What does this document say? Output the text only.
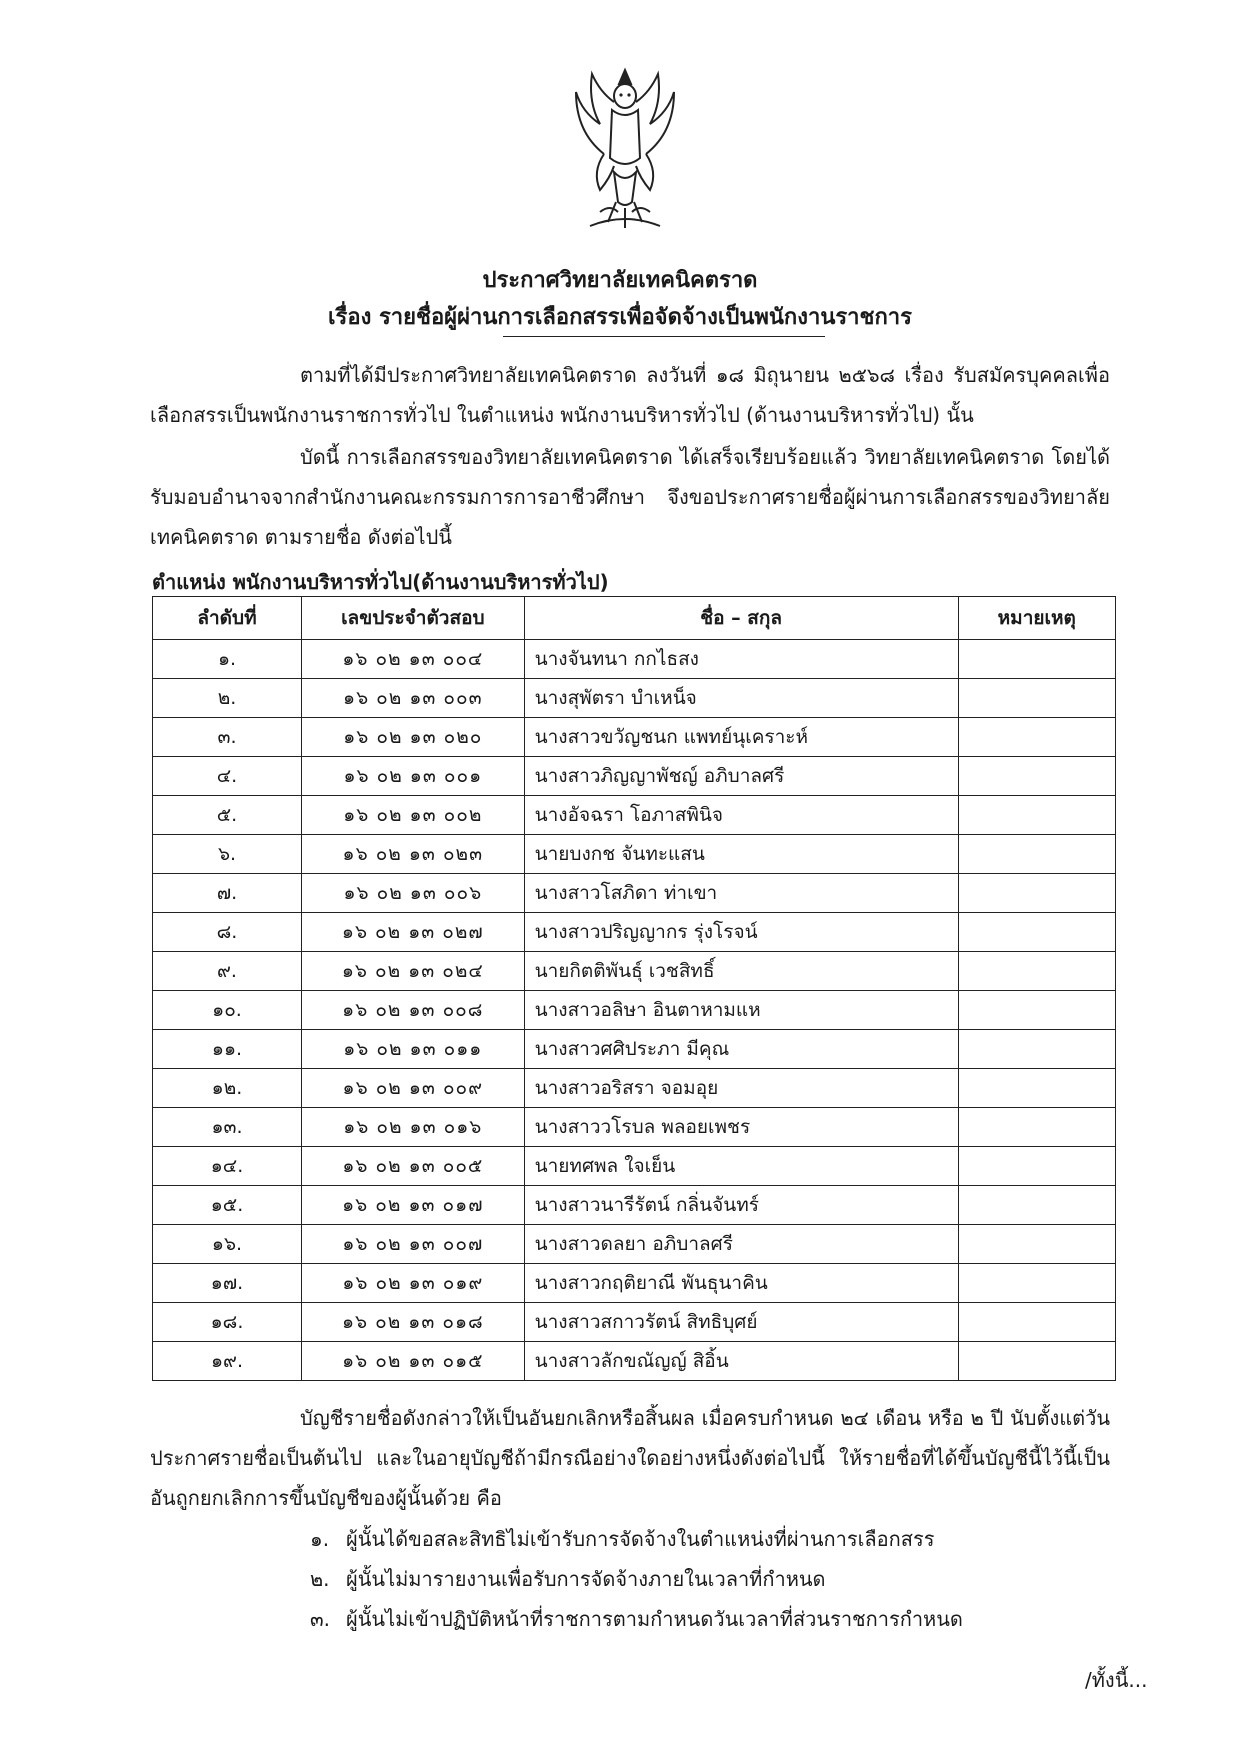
ประกาศวิทยาลัยเทคนิคตราด
เรื่อง รายชื่อผู้ผ่านการเลือกสรรเพื่อจัดจ้างเป็นพนักงานราชการ

ตามที่ได้มีประกาศวิทยาลัยเทคนิคตราด ลงวันที่ ๑๘ มิถุนายน ๒๕๖๘ เรื่อง รับสมัครบุคคลเพื่อเลือกสรรเป็นพนักงานราชการทั่วไป ในตำแหน่ง พนักงานบริหารทั่วไป (ด้านงานบริหารทั่วไป) นั้น

บัดนี้ การเลือกสรรของวิทยาลัยเทคนิคตราด ได้เสร็จเรียบร้อยแล้ว วิทยาลัยเทคนิคตราด โดยได้รับมอบอำนาจจากสำนักงานคณะกรรมการการอาชีวศึกษา จึงขอประกาศรายชื่อผู้ผ่านการเลือกสรรของวิทยาลัยเทคนิคตราด ตามรายชื่อ ดังต่อไปนี้

ตำแหน่ง พนักงานบริหารทั่วไป(ด้านงานบริหารทั่วไป)
ลำดับที่	เลขประจำตัวสอบ	ชื่อ – สกุล	หมายเหตุ
๑.	๑๖ ๐๒ ๑๓ ๐๐๔	นางจันทนา กกไธสง	
๒.	๑๖ ๐๒ ๑๓ ๐๐๓	นางสุพัตรา บำเหน็จ	
๓.	๑๖ ๐๒ ๑๓ ๐๒๐	นางสาวขวัญชนก แพทย์นุเคราะห์	
๔.	๑๖ ๐๒ ๑๓ ๐๐๑	นางสาวภิญญาพัชญ์ อภิบาลศรี	
๕.	๑๖ ๐๒ ๑๓ ๐๐๒	นางอัจฉรา โอภาสพินิจ	
๖.	๑๖ ๐๒ ๑๓ ๐๒๓	นายบงกช จันทะแสน	
๗.	๑๖ ๐๒ ๑๓ ๐๐๖	นางสาวโสภิดา ท่าเขา	
๘.	๑๖ ๐๒ ๑๓ ๐๒๗	นางสาวปริญญากร รุ่งโรจน์	
๙.	๑๖ ๐๒ ๑๓ ๐๒๔	นายกิตติพันธุ์ เวชสิทธิ์	
๑๐.	๑๖ ๐๒ ๑๓ ๐๐๘	นางสาวอลิษา อินตาหามแห	
๑๑.	๑๖ ๐๒ ๑๓ ๐๑๑	นางสาวศศิประภา มีคุณ	
๑๒.	๑๖ ๐๒ ๑๓ ๐๐๙	นางสาวอริสรา จอมอุย	
๑๓.	๑๖ ๐๒ ๑๓ ๐๑๖	นางสาววโรบล พลอยเพชร	
๑๔.	๑๖ ๐๒ ๑๓ ๐๐๕	นายทศพล ใจเย็น	
๑๕.	๑๖ ๐๒ ๑๓ ๐๑๗	นางสาวนารีรัตน์ กลิ่นจันทร์	
๑๖.	๑๖ ๐๒ ๑๓ ๐๐๗	นางสาวดลยา อภิบาลศรี	
๑๗.	๑๖ ๐๒ ๑๓ ๐๑๙	นางสาวกฤติยาณี พันธุนาคิน	
๑๘.	๑๖ ๐๒ ๑๓ ๐๑๘	นางสาวสกาวรัตน์ สิทธิบุศย์	
๑๙.	๑๖ ๐๒ ๑๓ ๐๑๕	นางสาวลักขณัญญ์ สิอิ้น	

บัญชีรายชื่อดังกล่าวให้เป็นอันยกเลิกหรือสิ้นผล เมื่อครบกำหนด ๒๔ เดือน หรือ ๒ ปี นับตั้งแต่วันประกาศรายชื่อเป็นต้นไป และในอายุบัญชีถ้ามีกรณีอย่างใดอย่างหนึ่งดังต่อไปนี้ ให้รายชื่อที่ได้ขึ้นบัญชีนี้ไว้นี้เป็นอันถูกยกเลิกการขึ้นบัญชีของผู้นั้นด้วย คือ

๑. ผู้นั้นได้ขอสละสิทธิไม่เข้ารับการจัดจ้างในตำแหน่งที่ผ่านการเลือกสรร
๒. ผู้นั้นไม่มารายงานเพื่อรับการจัดจ้างภายในเวลาที่กำหนด
๓. ผู้นั้นไม่เข้าปฏิบัติหน้าที่ราชการตามกำหนดวันเวลาที่ส่วนราชการกำหนด
/ทั้งนี้...
